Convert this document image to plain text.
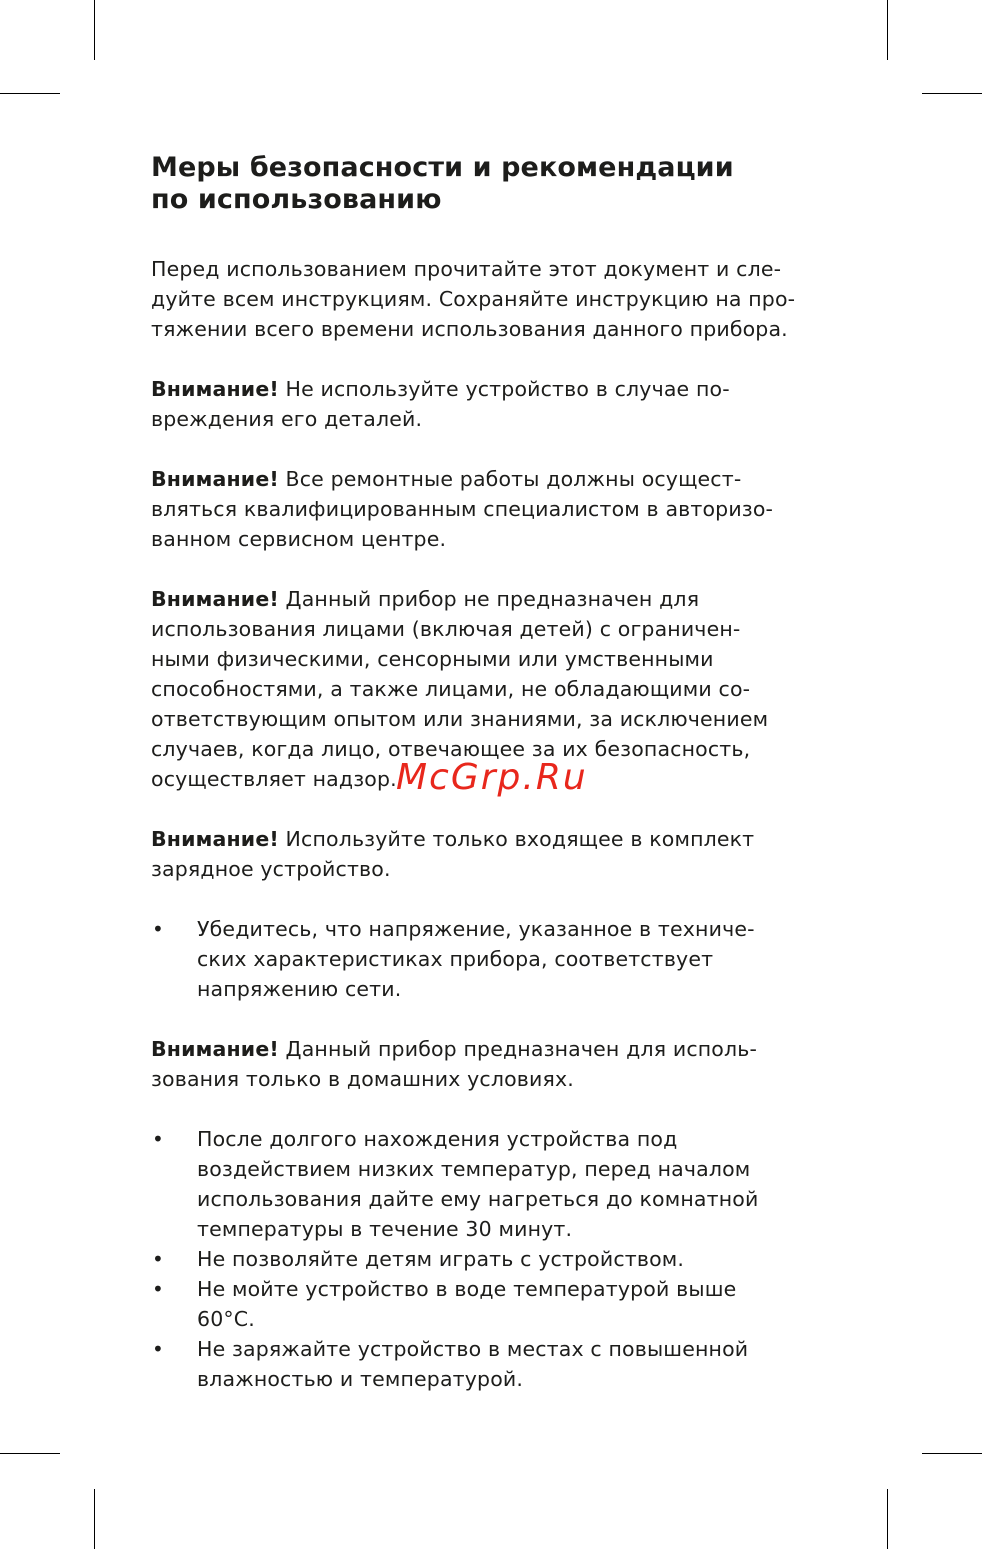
Меры безопасности и рекомендации
по использованию

Перед использованием прочитайте этот документ и сле-
дуйте всем инструкциям. Сохраняйте инструкцию на про-
тяжении всего времени использования данного прибора.

Внимание! Не используйте устройство в случае по-
вреждения его деталей.

Внимание! Все ремонтные работы должны осущест-
вляться квалифицированным специалистом в авторизо-
ванном сервисном центре.

Внимание! Данный прибор не предназначен для
использования лицами (включая детей) с ограничен-
ными физическими, сенсорными или умственными
способностями, а также лицами, не обладающими со-
ответствующим опытом или знаниями, за исключением
случаев, когда лицо, отвечающее за их безопасность,
осуществляет надзор.

Внимание! Используйте только входящее в комплект
зарядное устройство.

• Убедитесь, что напряжение, указанное в техниче-
ских характеристиках прибора, соответствует
напряжению сети.

Внимание! Данный прибор предназначен для исполь-
зования только в домашних условиях.

• После долгого нахождения устройства под
воздействием низких температур, перед началом
использования дайте ему нагреться до комнатной
температуры в течение 30 минут.
• Не позволяйте детям играть с устройством.
• Не мойте устройство в воде температурой выше
60°C.
• Не заряжайте устройство в местах с повышенной
влажностью и температурой.
McGrp.Ru
